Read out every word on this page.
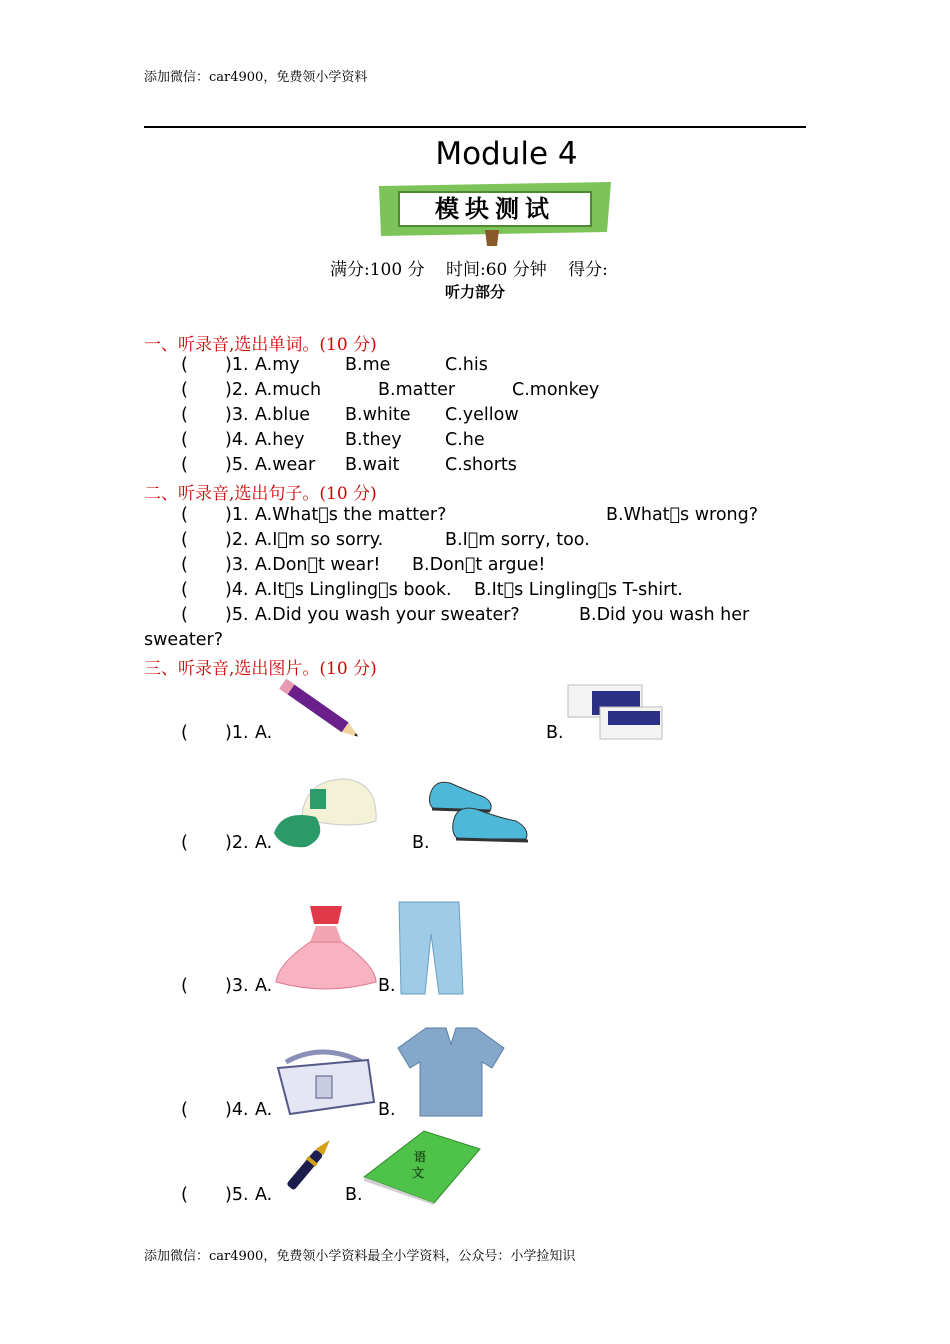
添加微信：car4900，免费领小学资料
Module 4
模块测试
满分:100 分 时间:60 分钟 得分:
听力部分
一、听录音,选出单词。(10 分)
( )1. A.my	B.me	C.his
( )2. A.much	B.matter	C.monkey
( )3. A.blue B.white C.yellow
( )4. A.hey B.they C.he
( )5. A.wear B.wait	C.shorts
二、听录音,选出句子。(10 分)
( )1. A.What s the matter?	B.What s wrong?
( )2. A.I m so sorry.	B.I m sorry, too.
( )3. A.Don t wear! B.Don t argue!
( )4. A.It s Lingling s book. B.It s Lingling s T-shirt.
( )5. A.Did you wash your sweater?	B.Did you wash her
sweater?
三、听录音,选出图片。(10 分)
( )1. A.	B.
( )2. A.	B.
( )3. A.	B.
( )4. A.	B.
( )5. A.	B.
语
文
添加微信：car4900，免费领小学资料最全小学资料，公众号：小学捡知识
